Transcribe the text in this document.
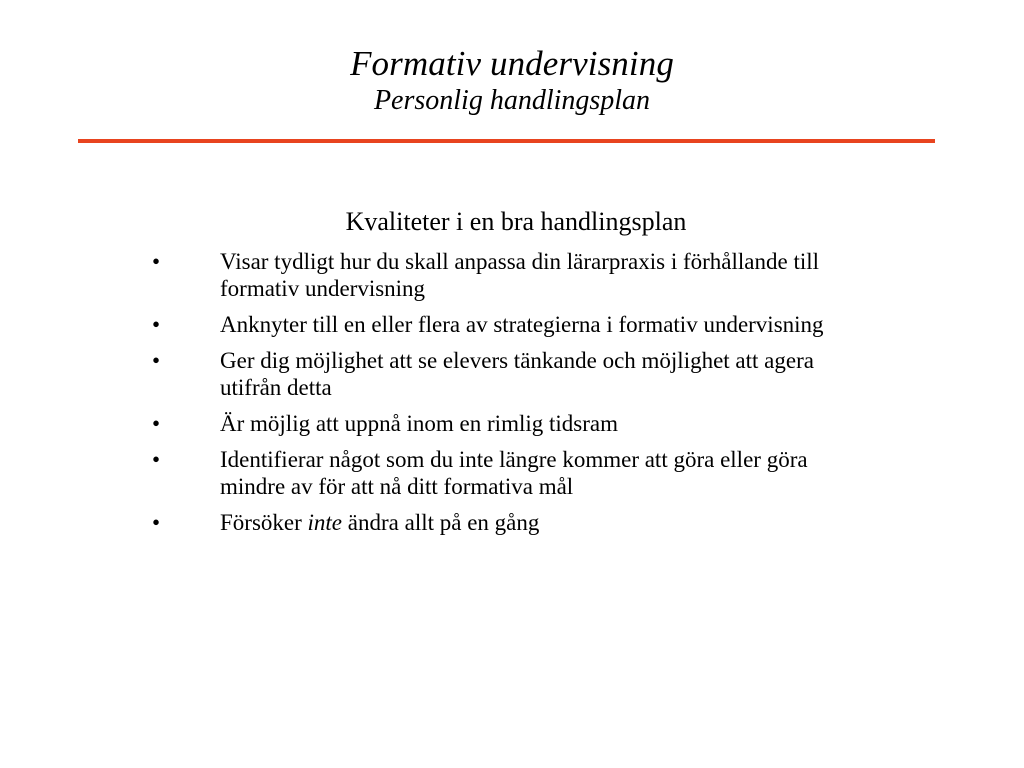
Formativ undervisning
Personlig handlingsplan
Kvaliteter i en bra handlingsplan
•	Visar tydligt hur du skall anpassa din lärarpraxis i förhållande till formativ undervisning
•	Anknyter till en eller flera av strategierna i formativ undervisning
•	Ger dig möjlighet att se elevers tänkande och möjlighet att agera utifrån detta
•	Är möjlig att uppnå inom en rimlig tidsram
•	Identifierar något som du inte längre kommer att göra eller göra mindre av för att nå ditt formativa mål
•	Försöker inte ändra allt på en gång
